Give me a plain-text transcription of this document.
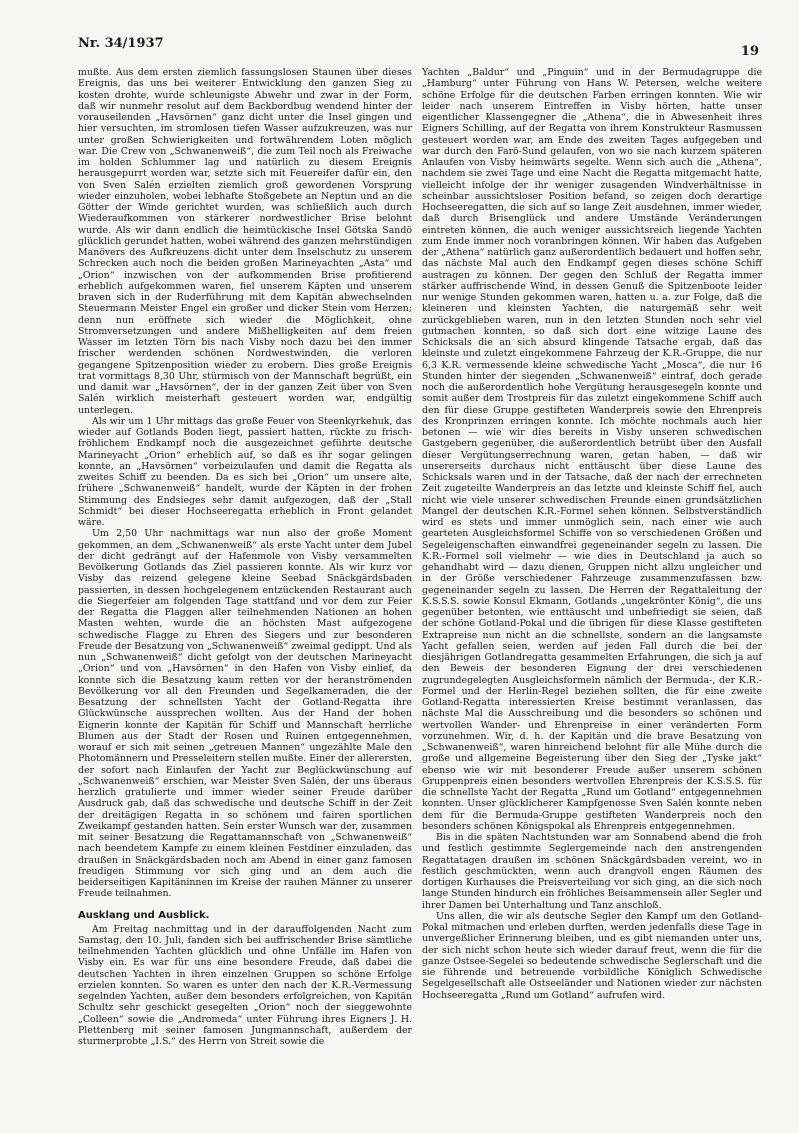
Nr. 34/1937
19

mußte. Aus dem ersten ziemlich fassungslosen Staunen über dieses Ereignis, das uns bei weiterer Entwicklung den ganzen Sieg zu kosten drohte, wurde schleunigste Abwehr und zwar in der Form, daß wir nunmehr resolut auf dem Backbordbug wendend hinter der vorauseilenden „Havsörnen“ ganz dicht unter die Insel gingen und hier versuchten, im stromlosen tiefen Wasser aufzukreuzen, was nur unter großen Schwierigkeiten und fortwährendem Loten möglich war. Die Crew von „Schwanenweiß“, die zum Teil noch als Freiwache im holden Schlummer lag und natürlich zu diesem Ereignis herausgepurrt worden war, setzte sich mit Feuereifer dafür ein, den von Sven Salén erzielten ziemlich groß gewordenen Vorsprung wieder einzuholen, wobei lebhafte Stoßgebete an Neptun und an die Götter der Winde gerichtet wurden, was schließlich auch durch Wiederaufkommen von stärkerer nordwestlicher Brise belohnt wurde. Als wir dann endlich die heimtückische Insel Götska Sandö glücklich gerundet hatten, wobei während des ganzen mehrstündigen Manövers des Aufkreuzens dicht unter dem Inselschutz zu unserem Schrecken auch noch die beiden großen Marineyachten „Asta“ und „Orion“ inzwischen von der aufkommenden Brise profitierend erheblich aufgekommen waren, fiel unserem Käpten und unserem braven sich in der Ruderführung mit dem Kapitän abwechselnden Steuermann Meister Engel ein großer und dicker Stein vom Herzen; denn nun eröffnete sich wieder die Möglichkeit, ohne Stromversetzungen und andere Mißhelligkeiten auf dem freien Wasser im letzten Törn bis nach Visby noch dazu bei den immer frischer werdenden schönen Nordwestwinden, die verloren gegangene Spitzenposition wieder zu erobern. Dies große Ereignis trat vormittags 8,30 Uhr, stürmisch von der Mannschaft begrüßt, ein und damit war „Havsörnen“, der in der ganzen Zeit über von Sven Salén wirklich meisterhaft gesteuert worden war, endgültig unterlegen.

Als wir um 1 Uhr mittags das große Feuer von Steenkyrkehuk, das wieder auf Gotlands Boden liegt, passiert hatten, rückte zu frisch-fröhlichem Endkampf noch die ausgezeichnet geführte deutsche Marineyacht „Orion“ erheblich auf, so daß es ihr sogar gelingen konnte, an „Havsörnen“ vorbeizulaufen und damit die Regatta als zweites Schiff zu beenden. Da es sich bei „Orion“ um unsere alte, frühere „Schwanenweiß“ handelt, wurde der Käpten in der frohen Stimmung des Endsieges sehr damit aufgezogen, daß der „Stall Schmidt“ bei dieser Hochseeregatta erheblich in Front gelandet wäre.

Um 2,50 Uhr nachmittags war nun also der große Moment gekommen, an dem „Schwanenweiß“ als erste Yacht unter dem Jubel der dicht gedrängt auf der Hafenmole von Visby versammelten Bevölkerung Gotlands das Ziel passieren konnte. Als wir kurz vor Visby das reizend gelegene kleine Seebad Snäckgärdsbaden passierten, in dessen hochgelegenem entzückenden Restaurant auch die Siegerfeier am folgenden Tage stattfand und vor dem zur Feier der Regatta die Flaggen aller teilnehmenden Nationen an hohen Masten wehten, wurde die an höchsten Mast aufgezogene schwedische Flagge zu Ehren des Siegers und zur besonderen Freude der Besatzung von „Schwanenweiß“ zweimal gedippt. Und als nun „Schwanenweiß“ dicht gefolgt von der deutschen Marineyacht „Orion“ und von „Havsörnen“ in den Hafen von Visby einlief, da konnte sich die Besatzung kaum retten vor der heranströmenden Bevölkerung vor all den Freunden und Segelkameraden, die der Besatzung der schnellsten Yacht der Gotland-Regatta ihre Glückwünsche aussprechen wollten. Aus der Hand der hohen Eignerin konnte der Kapitän für Schiff und Mannschaft herrliche Blumen aus der Stadt der Rosen und Ruinen entgegennehmen, worauf er sich mit seinen „getreuen Mannen“ ungezählte Male den Photomännern und Presseleitern stellen mußte. Einer der allerersten, der sofort nach Einlaufen der Yacht zur Beglückwünschung auf „Schwanenweiß“ erschien, war Meister Sven Salén, der uns überaus herzlich gratulierte und immer wieder seiner Freude darüber Ausdruck gab, daß das schwedische und deutsche Schiff in der Zeit der dreitägigen Regatta in so schönem und fairen sportlichen Zweikampf gestanden hatten. Sein erster Wunsch war der, zusammen mit seiner Besatzung die Regattamannschaft von „Schwanenweiß“ nach beendetem Kampfe zu einem kleinen Festdiner einzuladen, das draußen in Snäckgärdsbaden noch am Abend in einer ganz famosen freudigen Stimmung vor sich ging und an dem auch die beiderseitigen Kapitäninnen im Kreise der rauhen Männer zu unserer Freude teilnahmen.

Ausklang und Ausblick.

Am Freitag nachmittag und in der darauffolgenden Nacht zum Samstag, den 10. Juli, fanden sich bei auffrischender Brise sämtliche teilnehmenden Yachten glücklich und ohne Unfälle im Hafen von Visby ein. Es war für uns eine besondere Freude, daß dabei die deutschen Yachten in ihren einzelnen Gruppen so schöne Erfolge erzielen konnten. So waren es unter den nach der K.R.-Vermessung segelnden Yachten, außer dem besonders erfolgreichen, von Kapitän Schultz sehr geschickt gesegelten „Orion“ noch der sieggewohnte „Colleen“ sowie die „Andromeda“ unter Führung ihres Eigners J. H. Plettenberg mit seiner famosen Jungmannschaft, außerdem der sturmerprobte „I.S.“ des Herrn von Streit sowie die

Yachten „Baldur“ und „Pinguin“ und in der Bermudagruppe die „Hamburg“ unter Führung von Hans W. Petersen, welche weitere schöne Erfolge für die deutschen Farben erringen konnten. Wie wir leider nach unserem Eintreffen in Visby hörten, hatte unser eigentlicher Klassengegner die „Athena“, die in Abwesenheit ihres Eigners Schilling, auf der Regatta von ihrem Konstrukteur Rasmussen gesteuert worden war, am Ende des zweiten Tages aufgegeben und war durch den Farö-Sund gelaufen, von wo sie nach kurzem späteren Anlaufen von Visby heimwärts segelte. Wenn sich auch die „Athena“, nachdem sie zwei Tage und eine Nacht die Regatta mitgemacht hatte, vielleicht infolge der ihr weniger zusagenden Windverhältnisse in scheinbar aussichtsloser Position befand, so zeigen doch derartige Hochseeregatten, die sich auf so lange Zeit ausdehnen, immer wieder, daß durch Brisenglück und andere Umstände Veränderungen eintreten können, die auch weniger aussichtsreich liegende Yachten zum Ende immer noch voranbringen können. Wir haben das Aufgeben der „Athena“ natürlich ganz außerordentlich bedauert und hoffen sehr, das nächste Mal auch den Endkampf gegen dieses schöne Schiff austragen zu können. Der gegen den Schluß der Regatta immer stärker auffrischende Wind, in dessen Genuß die Spitzenboote leider nur wenige Stunden gekommen waren, hatten u. a. zur Folge, daß die kleineren und kleinsten Yachten, die naturgemäß sehr weit zurückgeblieben waren, nun in den letzten Stunden noch sehr viel gutmachen konnten, so daß sich dort eine witzige Laune des Schicksals die an sich absurd klingende Tatsache ergab, daß das kleinste und zuletzt eingekommene Fahrzeug der K.R.-Gruppe, die nur 6,3 K.R. vermessende kleine schwedische Yacht „Mosca“, die nur 16 Stunden hinter der siegenden „Schwanenweiß“ eintraf, doch gerade noch die außerordentlich hohe Vergütung herausgesegeln konnte und somit außer dem Trostpreis für das zuletzt eingekommene Schiff auch den für diese Gruppe gestifteten Wanderpreis sowie den Ehrenpreis des Kronprinzen erringen konnte. Ich möchte nochmals auch hier betonen — wie wir dies bereits in Visby unseren schwedischen Gastgebern gegenüber, die außerordentlich betrübt über den Ausfall dieser Vergütungserrechnung waren, getan haben, — daß wir unsererseits durchaus nicht enttäuscht über diese Laune des Schicksals waren und in der Tatsache, daß der nach der errechneten Zeit zugeteilte Wanderpreis an das letzte und kleinste Schiff fiel, auch nicht wie viele unserer schwedischen Freunde einen grundsätzlichen Mangel der deutschen K.R.-Formel sehen können. Selbstverständlich wird es stets und immer unmöglich sein, nach einer wie auch gearteten Ausgleichsformel Schiffe von so verschiedenen Größen und Segeleigenschaften einwandfrei gegeneinander segeln zu lassen. Die K.R.-Formel soll vielmehr — wie dies in Deutschland ja auch so gehandhabt wird — dazu dienen, Gruppen nicht allzu ungleicher und in der Größe verschiedener Fahrzeuge zusammenzufassen bzw. gegeneinander segeln zu lassen. Die Herren der Regattaleitung der K.S.S.S. sowie Konsul Ekmann, Gotlands „ungekrönter König“, die uns gegenüber betonten, wie enttäuscht und unbefriedigt sie seien, daß der schöne Gotland-Pokal und die übrigen für diese Klasse gestifteten Extrapreise nun nicht an die schnellste, sondern an die langsamste Yacht gefallen seien, werden auf jeden Fall durch die bei der diesjährigen Gotlandregatta gesammelten Erfahrungen, die sich ja auf den Beweis der besonderen Eignung der drei verschiedenen zugrundegelegten Ausgleichsformeln nämlich der Bermuda-, der K.R.-Formel und der Herlin-Regel beziehen sollten, die für eine zweite Gotland-Regatta interessierten Kreise bestimmt veranlassen, das nächste Mal die Ausschreibung und die besonders so schönen und wertvollen Wander- und Ehrenpreise in einer veränderten Form vorzunehmen. Wir, d. h. der Kapitän und die brave Besatzung von „Schwanenweiß“, waren hinreichend belohnt für alle Mühe durch die große und allgemeine Begeisterung über den Sieg der „Tyske jakt“ ebenso wie wir mit besonderer Freude außer unserem schönen Gruppenpreis einen besonders wertvollen Ehrenpreis der K.S.S.S. für die schnellste Yacht der Regatta „Rund um Gotland“ entgegennehmen konnten. Unser glücklicherer Kampfgenosse Sven Salén konnte neben dem für die Bermuda-Gruppe gestifteten Wanderpreis noch den besonders schönen Königspokal als Ehrenpreis entgegennehmen.

Bis in die späten Nachtstunden war am Sonnabend abend die froh und festlich gestimmte Seglergemeinde nach den anstrengenden Regattatagen draußen im schönen Snäckgärdsbaden vereint, wo in festlich geschmückten, wenn auch drangvoll engen Räumen des dortigen Kurhauses die Preisverteilung vor sich ging, an die sich noch lange Stunden hindurch ein fröhliches Beisammensein aller Segler und ihrer Damen bei Unterhaltung und Tanz anschloß.

Uns allen, die wir als deutsche Segler den Kampf um den Gotland-Pokal mitmachen und erleben durften, werden jedenfalls diese Tage in unvergeßlicher Erinnerung bleiben, und es gibt niemanden unter uns, der sich nicht schon heute sich wieder darauf freut, wenn die für die ganze Ostsee-Segelei so bedeutende schwedische Seglerschaft und die sie führende und betreuende vorbildliche Königlich Schwedische Segelgesellschaft alle Ostseeländer und Nationen wieder zur nächsten Hochseeregatta „Rund um Gotland“ aufrufen wird.
